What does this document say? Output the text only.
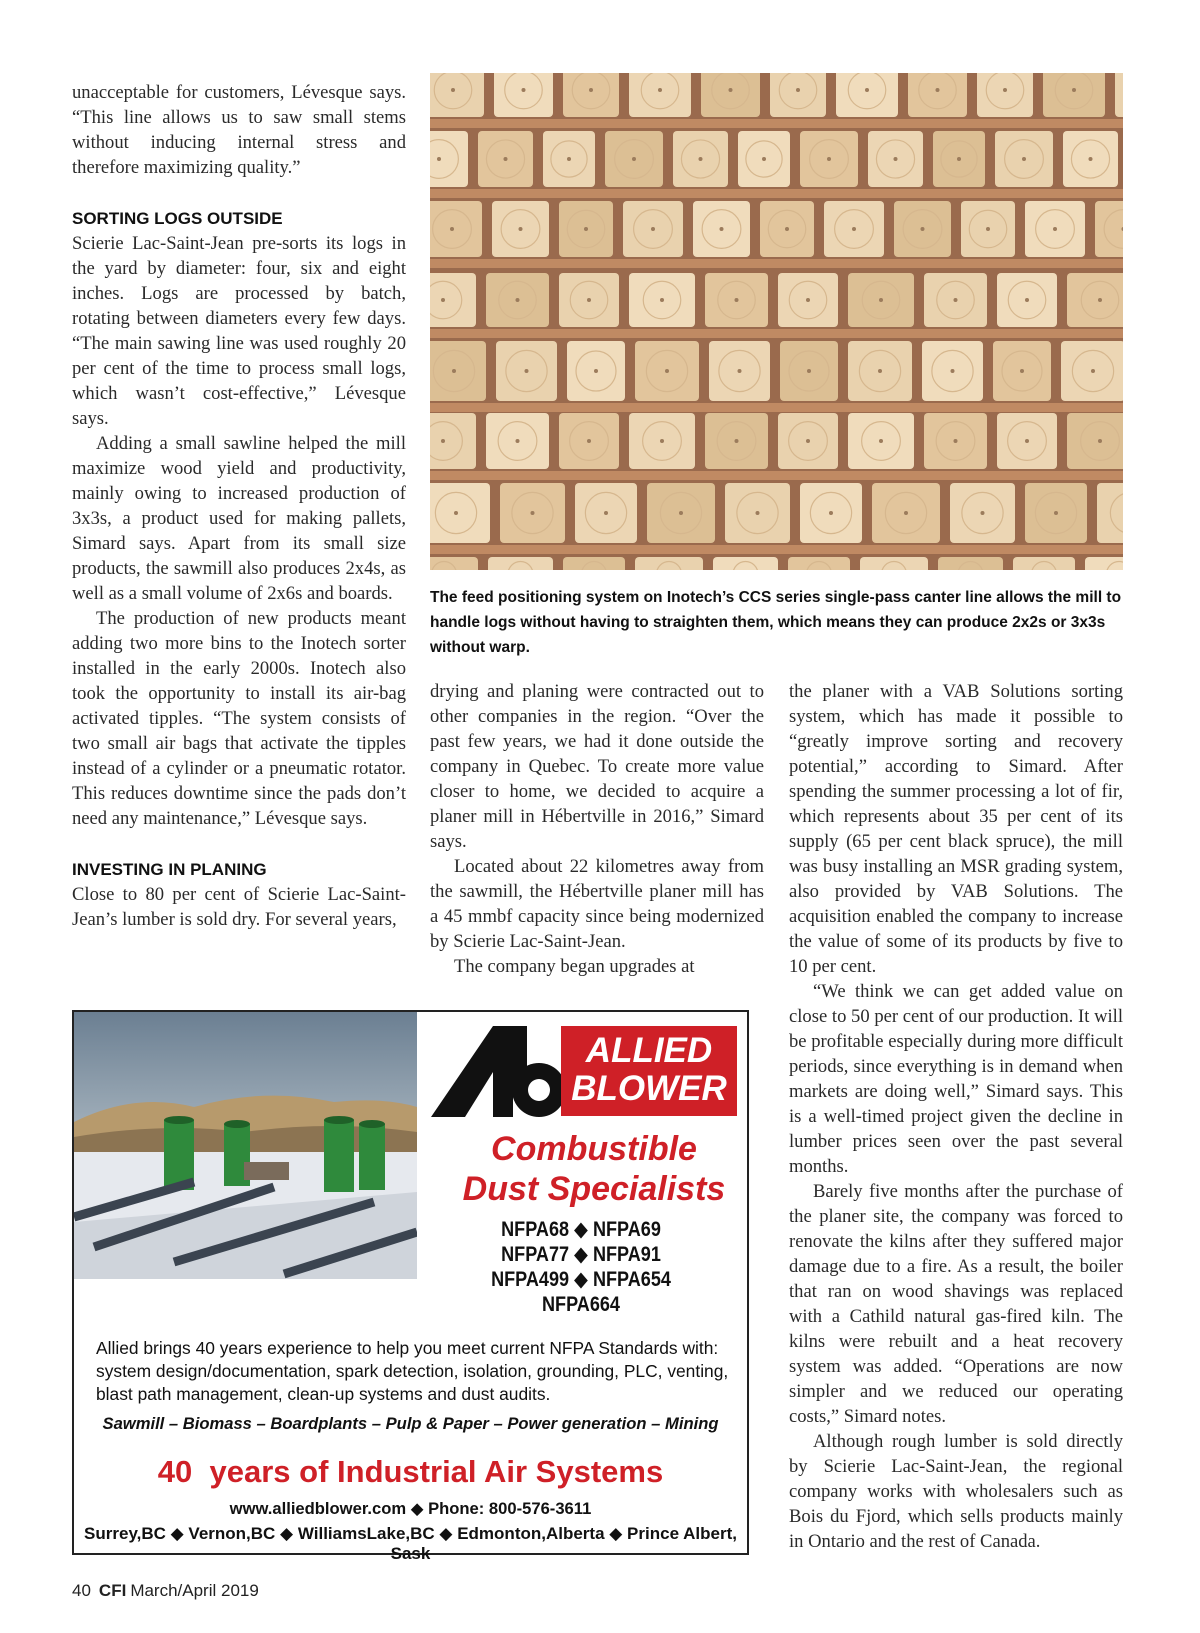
unacceptable for customers, Lévesque says. “This line allows us to saw small stems without inducing internal stress and therefore maximizing quality.”

SORTING LOGS OUTSIDE

Scierie Lac-Saint-Jean pre-sorts its logs in the yard by diameter: four, six and eight inches. Logs are processed by batch, rotating between diameters every few days. “The main sawing line was used roughly 20 per cent of the time to process small logs, which wasn’t cost-effective,” Lévesque says.

Adding a small sawline helped the mill maximize wood yield and productivity, mainly owing to increased production of 3x3s, a product used for making pallets, Simard says. Apart from its small size products, the sawmill also produces 2x4s, as well as a small volume of 2x6s and boards.

The production of new products meant adding two more bins to the Inotech sorter installed in the early 2000s. Inotech also took the opportunity to install its air-bag activated tipples. “The system consists of two small air bags that activate the tipples instead of a cylinder or a pneumatic rotator. This reduces downtime since the pads don’t need any maintenance,” Lévesque says.

INVESTING IN PLANING

Close to 80 per cent of Scierie Lac-Saint-Jean’s lumber is sold dry. For several years,

The feed positioning system on Inotech’s CCS series single-pass canter line allows the mill to handle logs without having to straighten them, which means they can produce 2x2s or 3x3s without warp.

drying and planing were contracted out to other companies in the region. “Over the past few years, we had it done outside the company in Quebec. To create more value closer to home, we decided to acquire a planer mill in Hébertville in 2016,” Simard says.

Located about 22 kilometres away from the sawmill, the Hébertville planer mill has a 45 mmbf capacity since being modernized by Scierie Lac-Saint-Jean.

The company began upgrades at

the planer with a VAB Solutions sorting system, which has made it possible to “greatly improve sorting and recovery potential,” according to Simard. After spending the summer processing a lot of fir, which represents about 35 per cent of its supply (65 per cent black spruce), the mill was busy installing an MSR grading system, also provided by VAB Solutions. The acquisition enabled the company to increase the value of some of its products by five to 10 per cent.

“We think we can get added value on close to 50 per cent of our production. It will be profitable especially during more difficult periods, since everything is in demand when markets are doing well,” Simard says. This is a well-timed project given the decline in lumber prices seen over the past several months.

Barely five months after the purchase of the planer site, the company was forced to renovate the kilns after they suffered major damage due to a fire. As a result, the boiler that ran on wood shavings was replaced with a Cathild natural gas-fired kiln. The kilns were rebuilt and a heat recovery system was added. “Operations are now simpler and we reduced our operating costs,” Simard notes.

Although rough lumber is sold directly by Scierie Lac-Saint-Jean, the regional company works with wholesalers such as Bois du Fjord, which sells products mainly in Ontario and the rest of Canada.

ALLIED
BLOWER
Combustible
Dust Specialists
NFPA68 ◆ NFPA69
NFPA77 ◆ NFPA91
NFPA499 ◆ NFPA654
NFPA664
Allied brings 40 years experience to help you meet current NFPA Standards with: system design/documentation, spark detection, isolation, grounding, PLC, venting, blast path management, clean-up systems and dust audits.
Sawmill – Biomass – Boardplants – Pulp & Paper – Power generation – Mining
40  years of Industrial Air Systems
www.alliedblower.com ◆ Phone: 800-576-3611
Surrey,BC ◆ Vernon,BC ◆ WilliamsLake,BC ◆ Edmonton,Alberta ◆ Prince Albert, Sask
40 CFI March/April 2019
